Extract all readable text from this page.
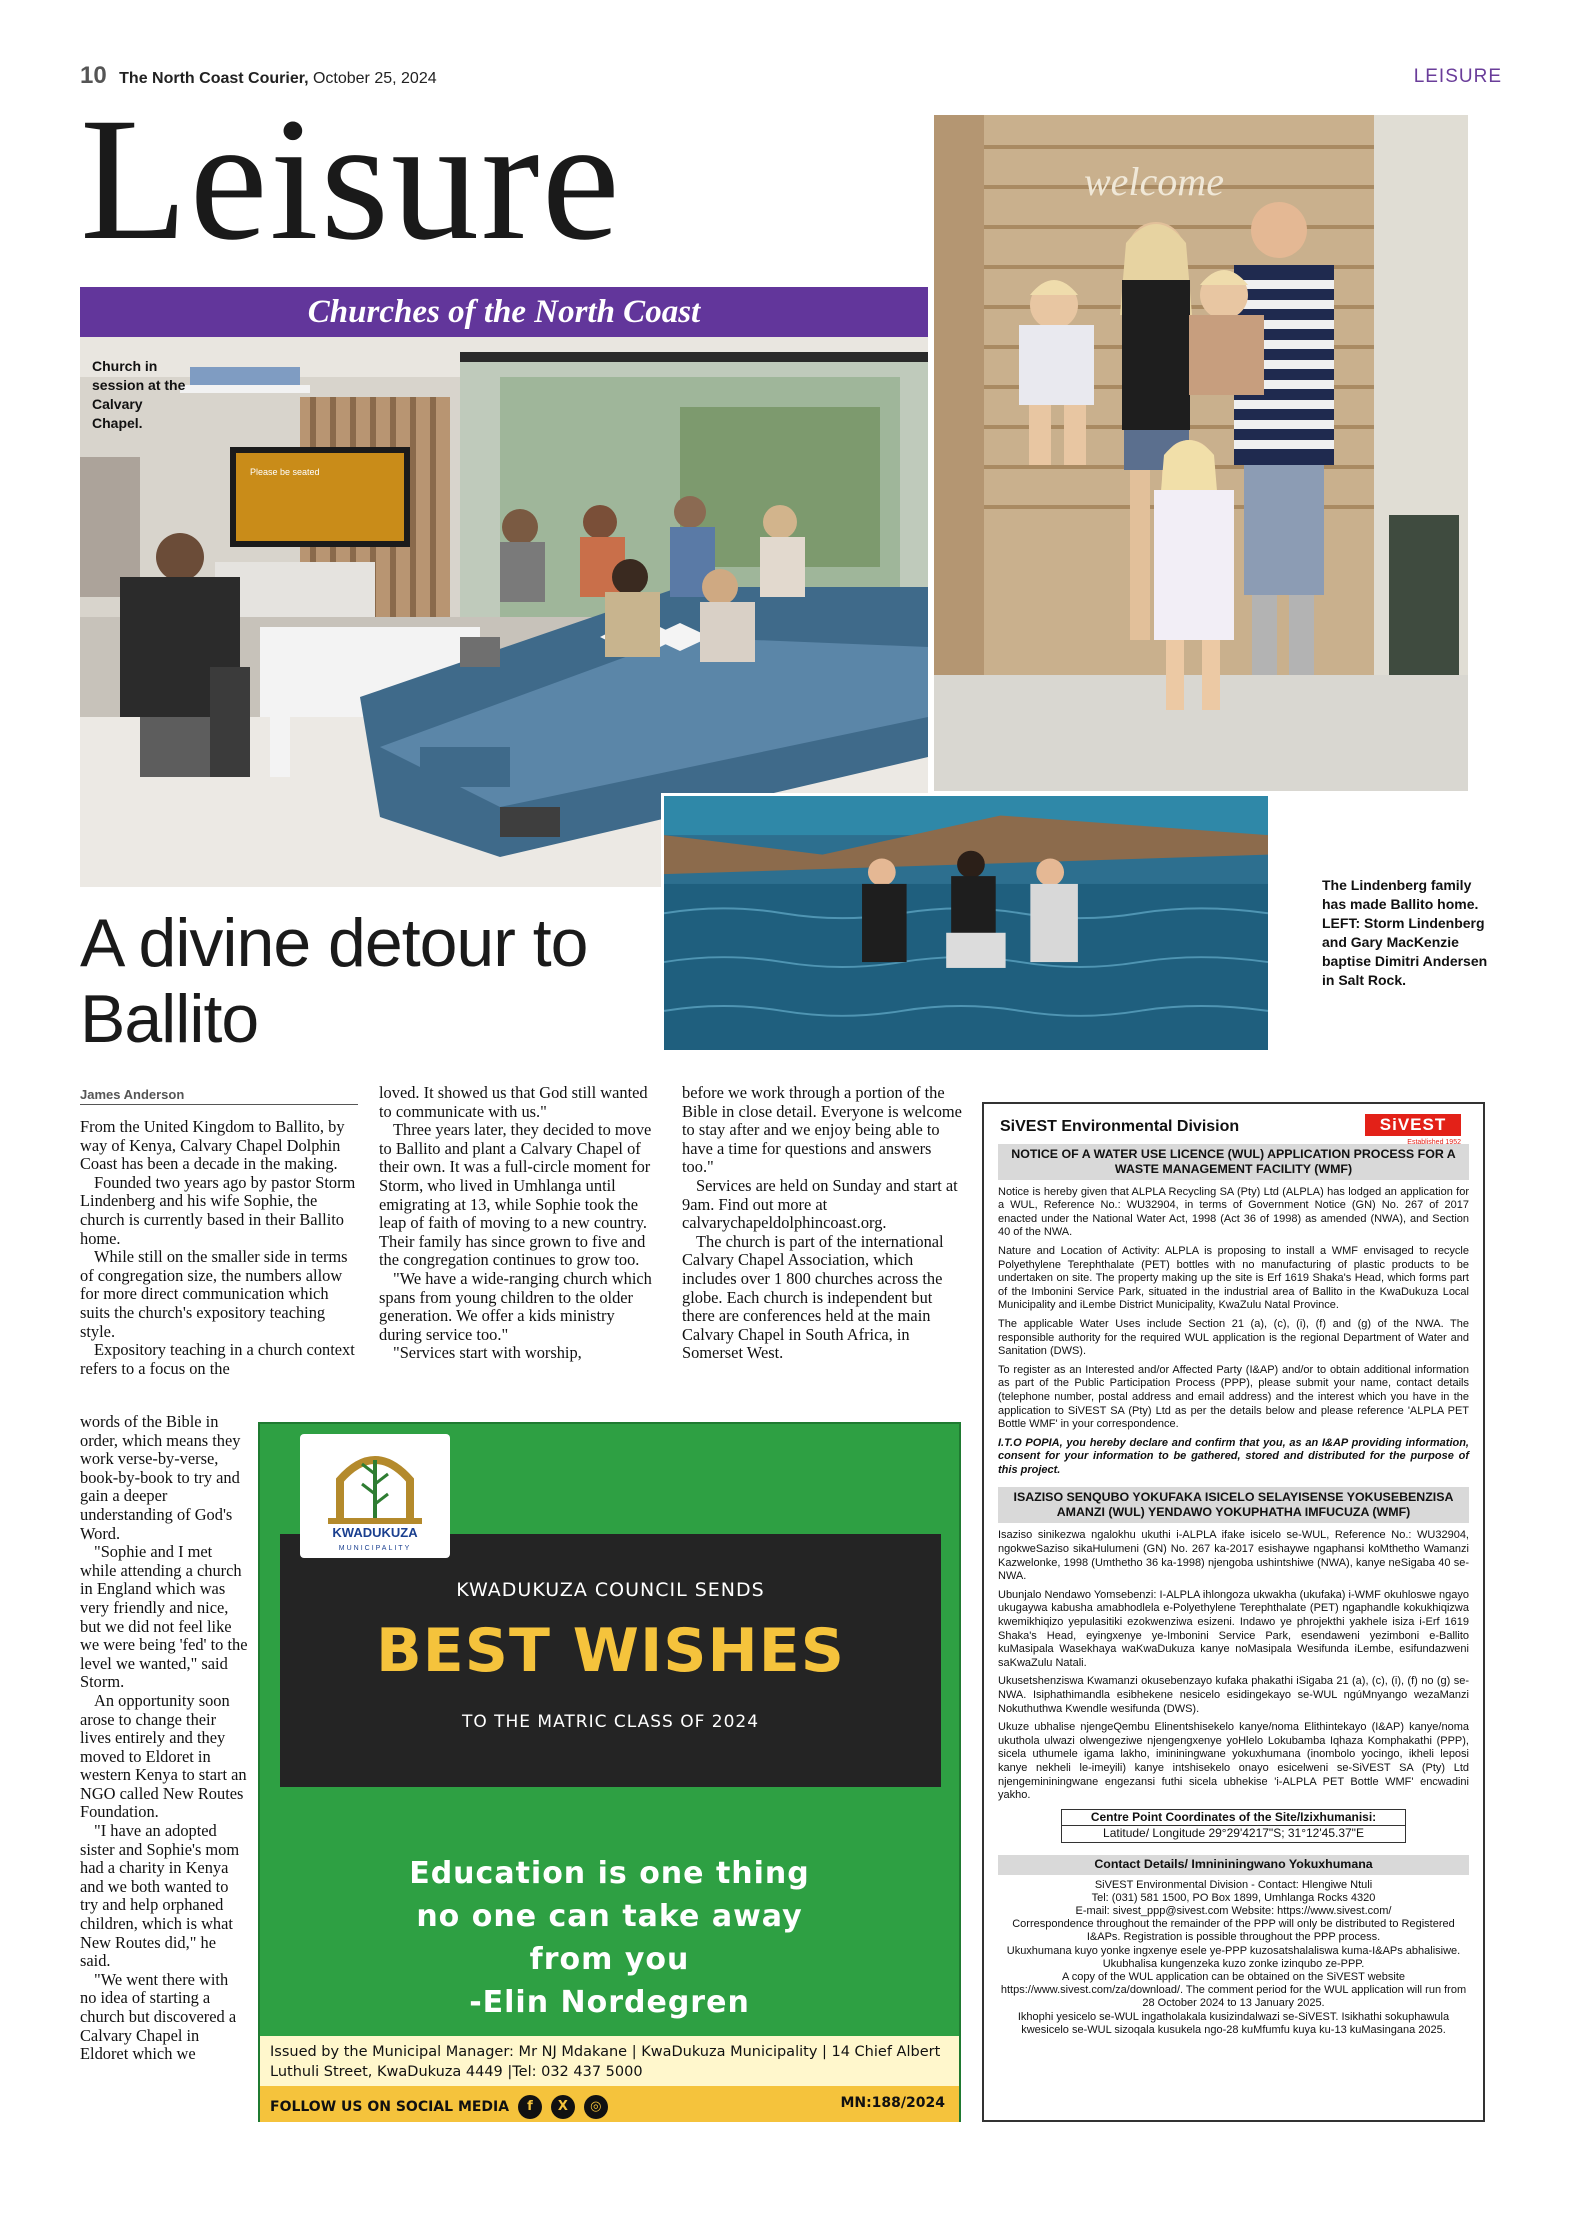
10 The North Coast Courier, October 25, 2024	LEISURE
Leisure
Churches of the North Coast
Please be seated
Church in session at the Calvary Chapel.
welcome
The Lindenberg family has made Ballito home. LEFT: Storm Lindenberg and Gary MacKenzie baptise Dimitri Andersen in Salt Rock.
A divine detour to Ballito
James Anderson

From the United Kingdom to Ballito, by way of Kenya, Calvary Chapel Dolphin Coast has been a decade in the making.

Founded two years ago by pastor Storm Lindenberg and his wife Sophie, the church is currently based in their Ballito home.

While still on the smaller side in terms of congregation size, the numbers allow for more direct communication which suits the church's expository teaching style.

Expository teaching in a church context refers to a focus on the

words of the Bible in order, which means they work verse-by-verse, book-by-book to try and gain a deeper understanding of God's Word.

"Sophie and I met while attending a church in England which was very friendly and nice, but we did not feel like we were being 'fed' to the level we wanted," said Storm.

An opportunity soon arose to change their lives entirely and they moved to Eldoret in western Kenya to start an NGO called New Routes Foundation.

"I have an adopted sister and Sophie's mom had a charity in Kenya and we both wanted to try and help orphaned children, which is what New Routes did," he said.

"We went there with no idea of starting a church but discovered a Calvary Chapel in Eldoret which we

loved. It showed us that God still wanted to communicate with us."

Three years later, they decided to move to Ballito and plant a Calvary Chapel of their own. It was a full-circle moment for Storm, who lived in Umhlanga until emigrating at 13, while Sophie took the leap of faith of moving to a new country. Their family has since grown to five and the congregation continues to grow too.

"We have a wide-ranging church which spans from young children to the older generation. We offer a kids ministry during service too."

"Services start with worship,

before we work through a portion of the Bible in close detail. Everyone is welcome to stay after and we enjoy being able to have a time for questions and answers too."

Services are held on Sunday and start at 9am. Find out more at calvarychapeldolphincoast.org.

The church is part of the international Calvary Chapel Association, which includes over 1 800 churches across the globe. Each church is independent but there are conferences held at the main Calvary Chapel in South Africa, in Somerset West.

KWADUKUZA COUNCIL SENDS
BEST WISHES
TO THE MATRIC CLASS OF 2024
KWADUKUZA
MUNICIPALITY
Education is one thing
no one can take away
from you
-Elin Nordegren
Issued by the Municipal Manager: Mr NJ Mdakane | KwaDukuza Municipality | 14 Chief Albert Luthuli Street, KwaDukuza 4449 |Tel: 032 437 5000
FOLLOW US ON SOCIAL MEDIA f X ◎	MN:188/2024
SiVEST
Established 1952
SiVEST Environmental Division
NOTICE OF A WATER USE LICENCE (WUL) APPLICATION PROCESS FOR A WASTE MANAGEMENT FACILITY (WMF)

Notice is hereby given that ALPLA Recycling SA (Pty) Ltd (ALPLA) has lodged an application for a WUL, Reference No.: WU32904, in terms of Government Notice (GN) No. 267 of 2017 enacted under the National Water Act, 1998 (Act 36 of 1998) as amended (NWA), and Section 40 of the NWA.

Nature and Location of Activity: ALPLA is proposing to install a WMF envisaged to recycle Polyethylene Terephthalate (PET) bottles with no manufacturing of plastic products to be undertaken on site. The property making up the site is Erf 1619 Shaka's Head, which forms part of the Imbonini Service Park, situated in the industrial area of Ballito in the KwaDukuza Local Municipality and iLembe District Municipality, KwaZulu Natal Province.

The applicable Water Uses include Section 21 (a), (c), (i), (f) and (g) of the NWA. The responsible authority for the required WUL application is the regional Department of Water and Sanitation (DWS).

To register as an Interested and/or Affected Party (I&AP) and/or to obtain additional information as part of the Public Participation Process (PPP), please submit your name, contact details (telephone number, postal address and email address) and the interest which you have in the application to SiVEST SA (Pty) Ltd as per the details below and please reference 'ALPLA PET Bottle WMF' in your correspondence.

I.T.O POPIA, you hereby declare and confirm that you, as an I&AP providing information, consent for your information to be gathered, stored and distributed for the purpose of this project.

ISAZISO SENQUBO YOKUFAKA ISICELO SELAYISENSE YOKUSEBENZISA AMANZI (WUL) YENDAWO YOKUPHATHA IMFUCUZA (WMF)

Isaziso sinikezwa ngalokhu ukuthi i-ALPLA ifake isicelo se-WUL, Reference No.: WU32904, ngokweSaziso sikaHulumeni (GN) No. 267 ka-2017 esishaywe ngaphansi koMthetho Wamanzi Kazwelonke, 1998 (Umthetho 36 ka-1998) njengoba ushintshiwe (NWA), kanye neSigaba 40 se-NWA.

Ubunjalo Nendawo Yomsebenzi: I-ALPLA ihlongoza ukwakha (ukufaka) i-WMF okuhloswe ngayo ukugaywa kabusha amabhodlela e-Polyethylene Terephthalate (PET) ngaphandle kokukhiqizwa kwemikhiqizo yepulasitiki ezokwenziwa esizeni. Indawo ye phrojekthi yakhele isiza i-Erf 1619 Shaka's Head, eyingxenye ye-Imbonini Service Park, esendaweni yezimboni e-Ballito kuMasipala Wasekhaya waKwaDukuza kanye noMasipala Wesifunda iLembe, esifundazweni saKwaZulu Natali.

Ukusetshenziswa Kwamanzi okusebenzayo kufaka phakathi iSigaba 21 (a), (c), (i), (f) no (g) se-NWA. Isiphathimandla esibhekene nesicelo esidingekayo se-WUL ngúMnyango wezaManzi Nokuthuthwa Kwendle wesifunda (DWS).

Ukuze ubhalise njengeQembu Elinentshisekelo kanye/noma Elithintekayo (I&AP) kanye/noma ukuthola ulwazi olwengeziwe njengengxenye yoHlelo Lokubamba Iqhaza Komphakathi (PPP), sicela uthumele igama lakho, imininingwane yokuxhumana (inombolo yocingo, ikheli leposi kanye nekheli le-imeyili) kanye intshisekelo onayo esicelweni se-SiVEST SA (Pty) Ltd njengemininingwane engezansi futhi sicela ubhekise 'i-ALPLA PET Bottle WMF' encwadini yakho.

Centre Point Coordinates of the Site/Izixhumanisi:
Latitude/ Longitude 29°29'4217"S; 31°12'45.37"E
Contact Details/ Imnininingwano Yokuxhumana
SiVEST Environmental Division - Contact: Hlengiwe Ntuli
Tel: (031) 581 1500, PO Box 1899, Umhlanga Rocks 4320
E-mail: sivest_ppp@sivest.com Website: https://www.sivest.com/
Correspondence throughout the remainder of the PPP will only be distributed to Registered I&APs. Registration is possible throughout the PPP process.
Ukuxhumana kuyo yonke ingxenye esele ye-PPP kuzosatshalaliswa kuma-I&APs abhalisiwe. Ukubhalisa kungenzeka kuzo zonke izinqubo ze-PPP.
A copy of the WUL application can be obtained on the SiVEST website https://www.sivest.com/za/download/. The comment period for the WUL application will run from 28 October 2024 to 13 January 2025.
Ikhophi yesicelo se-WUL ingatholakala kusizindalwazi se-SiVEST. Isikhathi sokuphawula kwesicelo se-WUL sizoqala kusukela ngo-28 kuMfumfu kuya ku-13 kuMasingana 2025.
